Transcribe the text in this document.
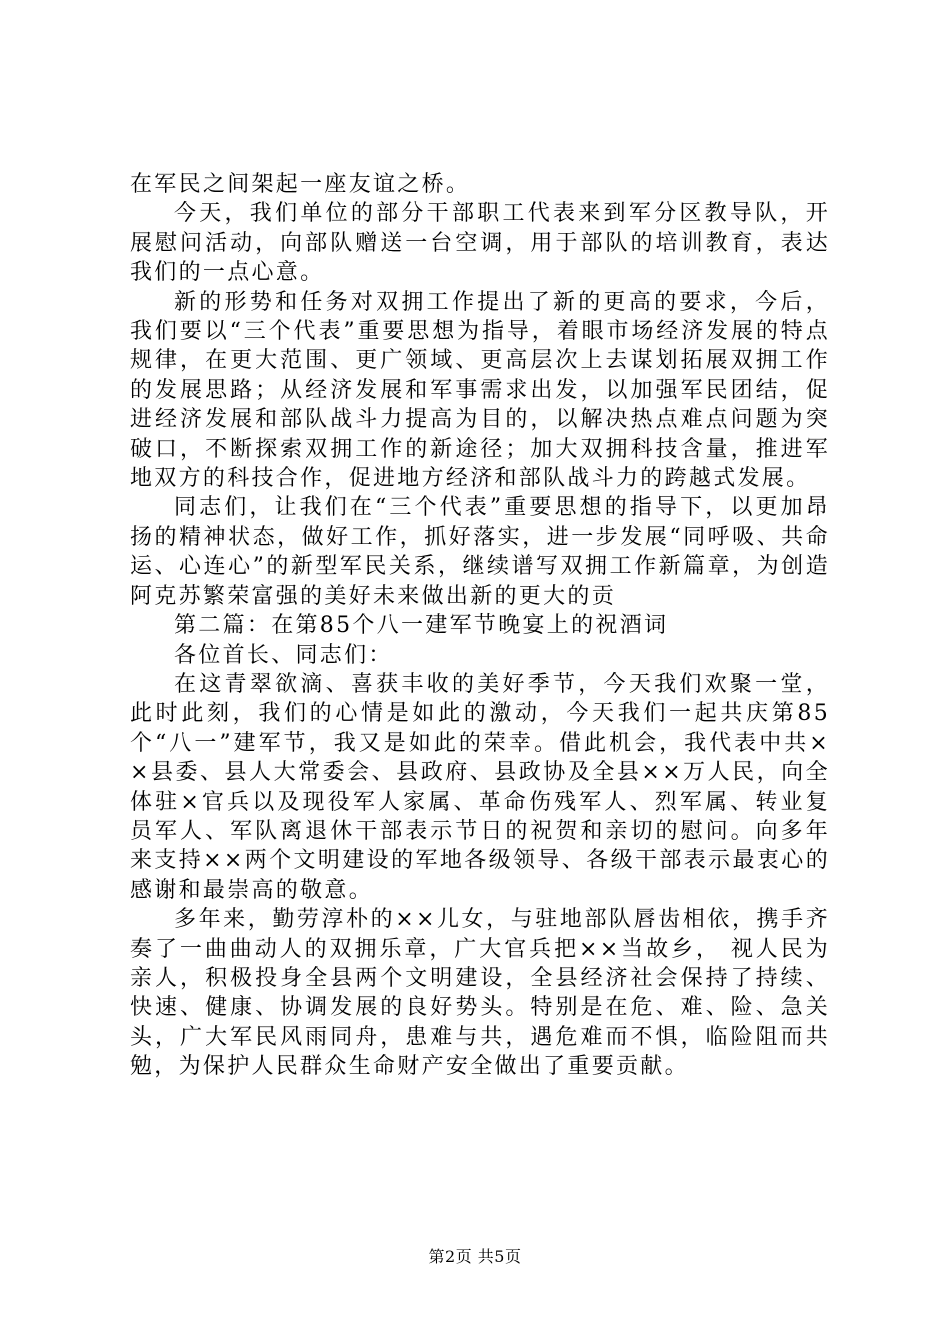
在军民之间架起一座友谊之桥。

今天，我们单位的部分干部职工代表来到军分区教导队，开展慰问活动，向部队赠送一台空调，用于部队的培训教育，表达我们的一点心意。

新的形势和任务对双拥工作提出了新的更高的要求，今后，我们要以“三个代表”重要思想为指导，着眼市场经济发展的特点规律，在更大范围、更广领域、更高层次上去谋划拓展双拥工作的发展思路；从经济发展和军事需求出发，以加强军民团结，促进经济发展和部队战斗力提高为目的，以解决热点难点问题为突破口，不断探索双拥工作的新途径；加大双拥科技含量，推进军地双方的科技合作，促进地方经济和部队战斗力的跨越式发展。

同志们，让我们在“三个代表”重要思想的指导下，以更加昂扬的精神状态，做好工作，抓好落实，进一步发展“同呼吸、共命运、心连心”的新型军民关系，继续谱写双拥工作新篇章，为创造阿克苏繁荣富强的美好未来做出新的更大的贡

第二篇：在第85个八一建军节晚宴上的祝酒词

各位首长、同志们：

在这青翠欲滴、喜获丰收的美好季节，今天我们欢聚一堂，此时此刻，我们的心情是如此的激动，今天我们一起共庆第85个“八一”建军节，我又是如此的荣幸。借此机会，我代表中共××县委、县人大常委会、县政府、县政协及全县××万人民，向全体驻×官兵以及现役军人家属、革命伤残军人、烈军属、转业复员军人、军队离退休干部表示节日的祝贺和亲切的慰问。向多年来支持××两个文明建设的军地各级领导、各级干部表示最衷心的感谢和最崇高的敬意。

多年来，勤劳淳朴的××儿女，与驻地部队唇齿相依，携手齐奏了一曲曲动人的双拥乐章，广大官兵把××当故乡， 视人民为亲人，积极投身全县两个文明建设，全县经济社会保持了持续、快速、健康、协调发展的良好势头。特别是在危、难、险、急关头，广大军民风雨同舟，患难与共，遇危难而不惧，临险阻而共勉，为保护人民群众生命财产安全做出了重要贡献。

第2页 共5页
